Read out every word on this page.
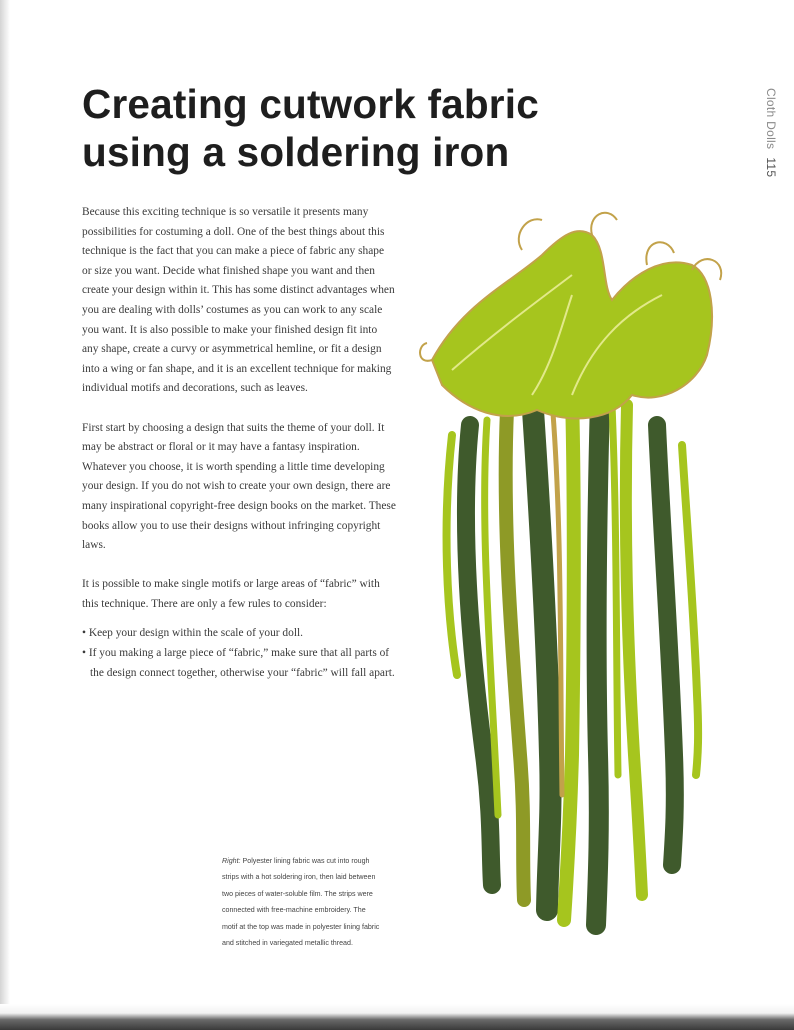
Creating cutwork fabric
using a soldering iron
Cloth Dolls115

Because this exciting technique is so versatile it presents many possibilities for costuming a doll. One of the best things about this technique is the fact that you can make a piece of fabric any shape or size you want. Decide what finished shape you want and then create your design within it. This has some distinct advantages when you are dealing with dolls’ costumes as you can work to any scale you want. It is also possible to make your finished design fit into any shape, create a curvy or asymmetrical hemline, or fit a design into a wing or fan shape, and it is an excellent technique for making individual motifs and decorations, such as leaves.

First start by choosing a design that suits the theme of your doll. It may be abstract or floral or it may have a fantasy inspiration. Whatever you choose, it is worth spending a little time developing your design. If you do not wish to create your own design, there are many inspirational copyright-free design books on the market. These books allow you to use their designs without infringing copyright laws.

It is possible to make single motifs or large areas of “fabric” with this technique. There are only a few rules to consider:

• Keep your design within the scale of your doll.
• If you making a large piece of “fabric,” make sure that all parts of the design connect together, otherwise your “fabric” will fall apart.
Right: Polyester lining fabric was cut into rough strips with a hot soldering iron, then laid between two pieces of water-soluble film. The strips were connected with free-machine embroidery. The motif at the top was made in polyester lining fabric and stitched in variegated metallic thread.
